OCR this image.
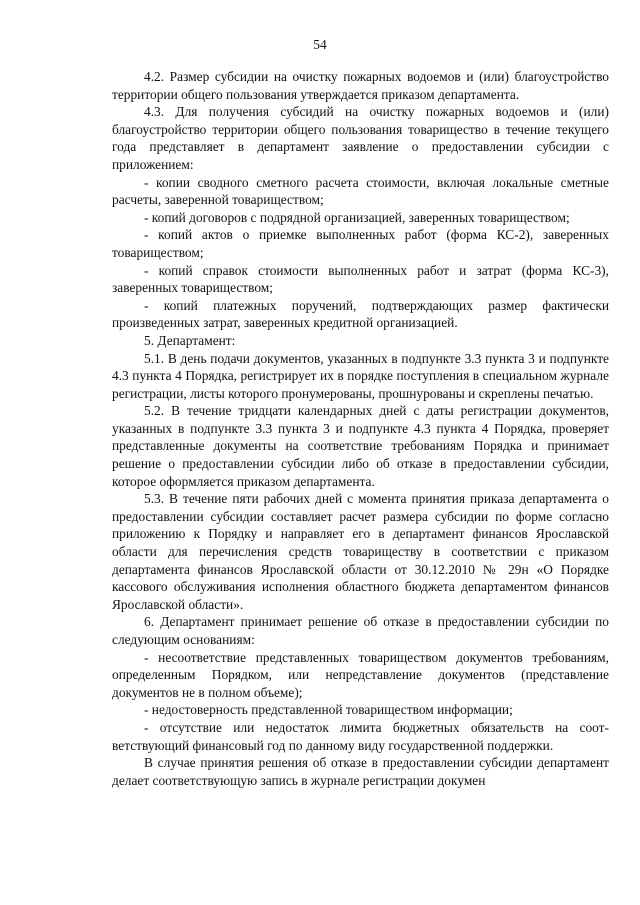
54

4.2. Размер субсидии на очистку пожарных водоемов и (или) благоустройство территории общего пользования утверждается приказом департамента.

4.3. Для получения субсидий на очистку пожарных водоемов и (или) благоустройство территории общего пользования товариществo в течение текущего года представляет в департамент заявление о предоставлении субсидии с приложением:

- копии сводного сметного расчета стоимости, включая локальные сметные расчеты, заверенной товариществом;

- копий договоров с подрядной организацией, заверенных товариществом;

- копий актов о приемке выполненных работ (форма КС-2), заверенных товариществом;

- копий справок стоимости выполненных работ и затрат (форма КС-3), заверенных товариществом;

- копий платежных поручений, подтверждающих размер фактически произведенных затрат, заверенных кредитной организацией.

5. Департамент:

5.1. В день подачи документов, указанных в подпункте 3.3 пункта 3 и подпункте 4.3 пункта 4 Порядка, регистрирует их в порядке поступления в специальном журнале регистрации, листы которого пронумерованы, прошнурованы и скреплены печатью.

5.2. В течение тридцати календарных дней с даты регистрации документов, указанных в подпункте 3.3 пункта 3 и подпункте 4.3 пункта 4 Порядка, проверяет представленные документы на соответствие требованиям Порядка и принимает решение о предоставлении субсидии либо об отказе в предоставлении субсидии, которое оформляется приказом департамента.

5.3. В течение пяти рабочих дней с момента принятия приказа департамента о предоставлении субсидии составляет расчет размера субсидии по форме согласно приложению к Порядку и направляет его в департамент финансов Ярославской области для перечисления средств товариществу в соответствии с приказом департамента финансов Ярославской области от 30.12.2010 № 29н «О Порядке кассового обслуживания исполнения областного бюджета департаментом финансов Ярославской области».

6. Департамент принимает решение об отказе в предоставлении субсидии по следующим основаниям:

- несоответствие представленных товариществом документов требованиям, определенным Порядком, или непредставление документов (представление документов не в полном объеме);

- недостоверность представленной товариществом информации;

- отсутствие или недостаток лимита бюджетных обязательств на соответствующий финансовый год по данному виду государственной поддержки.

В случае принятия решения об отказе в предоставлении субсидии департамент делает соответствующую запись в журнале регистрации докумен
